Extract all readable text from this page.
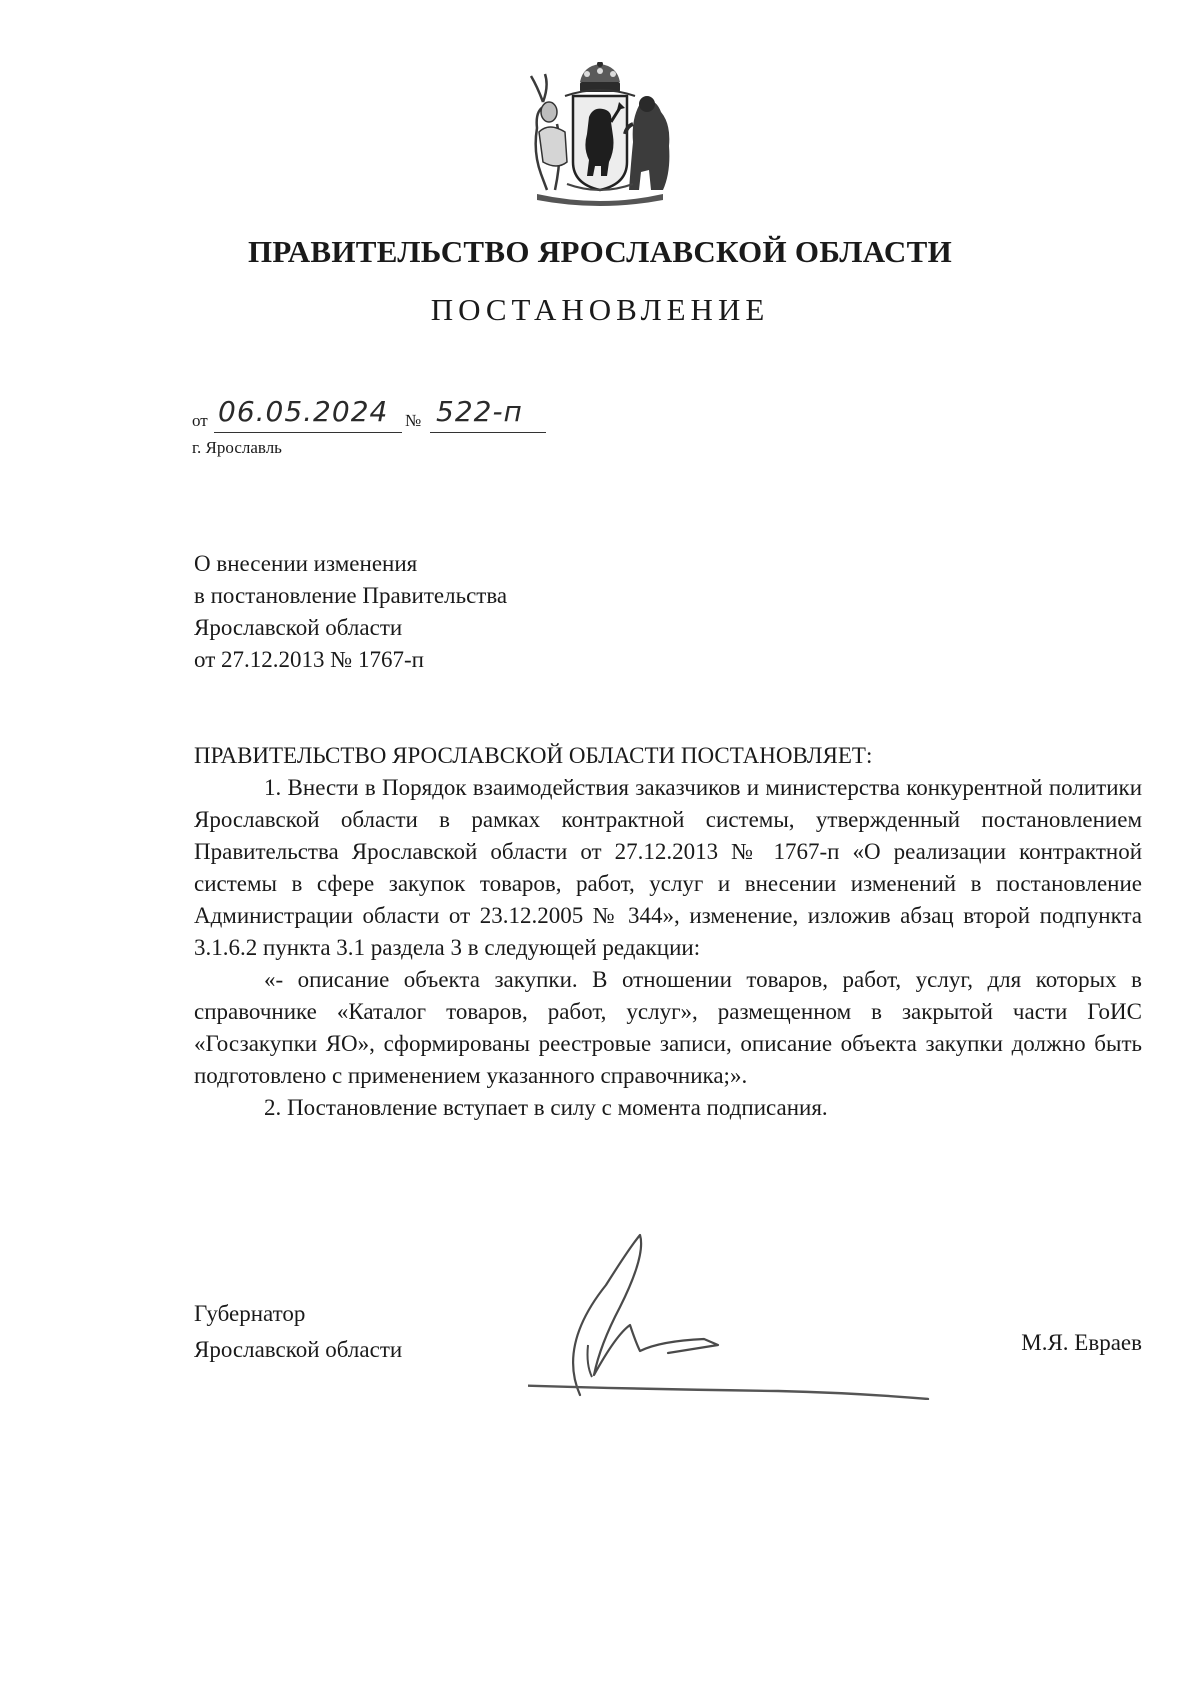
ПРАВИТЕЛЬСТВО ЯРОСЛАВСКОЙ ОБЛАСТИ
ПОСТАНОВЛЕНИЕ
от 06.05.2024 № 522-п
г. Ярославль
О внесении изменения
в постановление Правительства
Ярославской области
от 27.12.2013 № 1767-п
ПРАВИТЕЛЬСТВО ЯРОСЛАВСКОЙ ОБЛАСТИ ПОСТАНОВЛЯЕТ:

1. Внести в Порядок взаимодействия заказчиков и министерства конкурентной политики Ярославской области в рамках контрактной системы, утвержденный постановлением Правительства Ярославской области от 27.12.2013 № 1767-п «О реализации контрактной системы в сфере закупок товаров, работ, услуг и внесении изменений в постановление Администрации области от 23.12.2005 № 344», изменение, изложив абзац второй подпункта 3.1.6.2 пункта 3.1 раздела 3 в следующей редакции:

«- описание объекта закупки. В отношении товаров, работ, услуг, для которых в справочнике «Каталог товаров, работ, услуг», размещенном в закрытой части ГоИС «Госзакупки ЯО», сформированы реестровые записи, описание объекта закупки должно быть подготовлено с применением указанного справочника;».

2. Постановление вступает в силу с момента подписания.

Губернатор
Ярославской области	М.Я. Евраев
